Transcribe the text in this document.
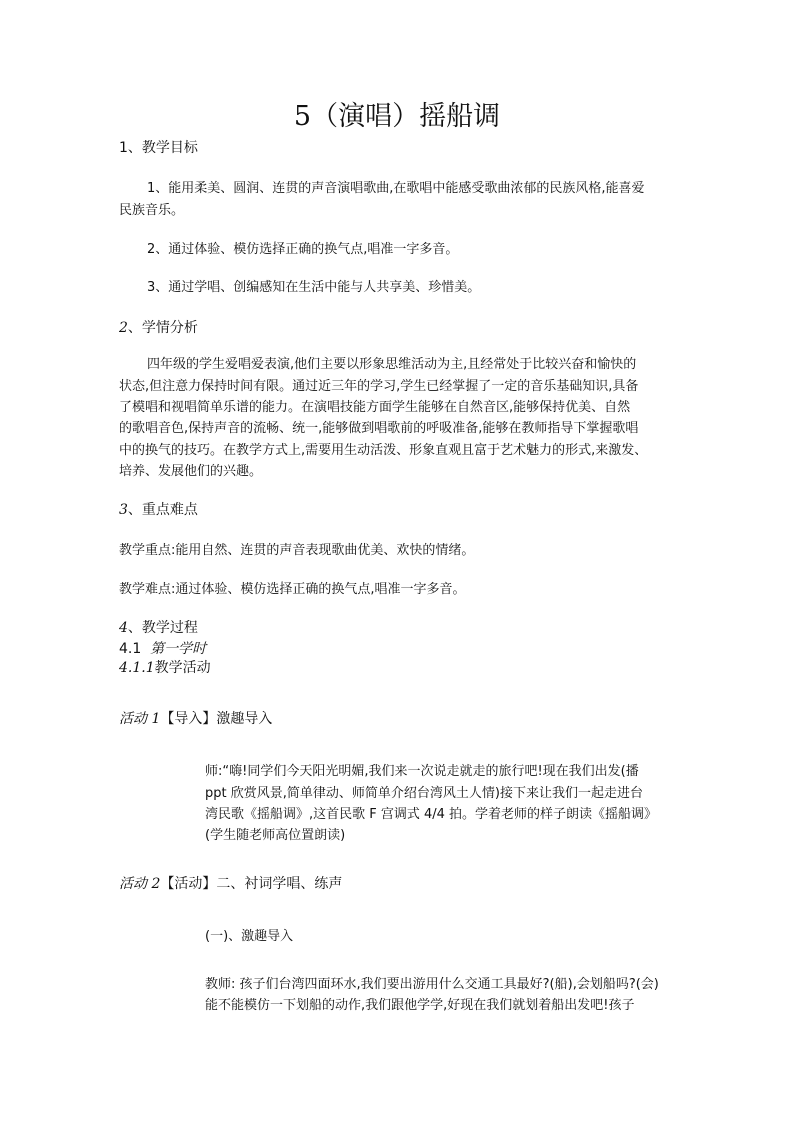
5（演唱）摇船调
1、教学目标
1、能用柔美、圆润、连贯的声音演唱歌曲,在歌唱中能感受歌曲浓郁的民族风格,能喜爱
民族音乐。
2、通过体验、模仿选择正确的换气点,唱准一字多音。
3、通过学唱、创编感知在生活中能与人共享美、珍惜美。
2、学情分析
四年级的学生爱唱爱表演,他们主要以形象思维活动为主,且经常处于比较兴奋和愉快的
状态,但注意力保持时间有限。通过近三年的学习,学生已经掌握了一定的音乐基础知识,具备
了模唱和视唱简单乐谱的能力。在演唱技能方面学生能够在自然音区,能够保持优美、自然
的歌唱音色,保持声音的流畅、统一,能够做到唱歌前的呼吸准备,能够在教师指导下掌握歌唱
中的换气的技巧。在教学方式上,需要用生动活泼、形象直观且富于艺术魅力的形式,来激发、
培养、发展他们的兴趣。
3、重点难点
教学重点:能用自然、连贯的声音表现歌曲优美、欢快的情绪。
教学难点:通过体验、模仿选择正确的换气点,唱准一字多音。
4、教学过程
4.1 第一学时
4.1.1教学活动
活动 1【导入】激趣导入
师:“嗨!同学们今天阳光明媚,我们来一次说走就走的旅行吧!现在我们出发(播
ppt 欣赏风景,简单律动、师简单介绍台湾风土人情)接下来让我们一起走进台
湾民歌《摇船调》,这首民歌 F 宫调式 4/4 拍。学着老师的样子朗读《摇船调》
(学生随老师高位置朗读)
活动 2【活动】二、衬词学唱、练声
(一)、激趣导入
教师: 孩子们台湾四面环水,我们要出游用什么交通工具最好?(船),会划船吗?(会)
能不能模仿一下划船的动作,我们跟他学学,好现在我们就划着船出发吧!孩子
